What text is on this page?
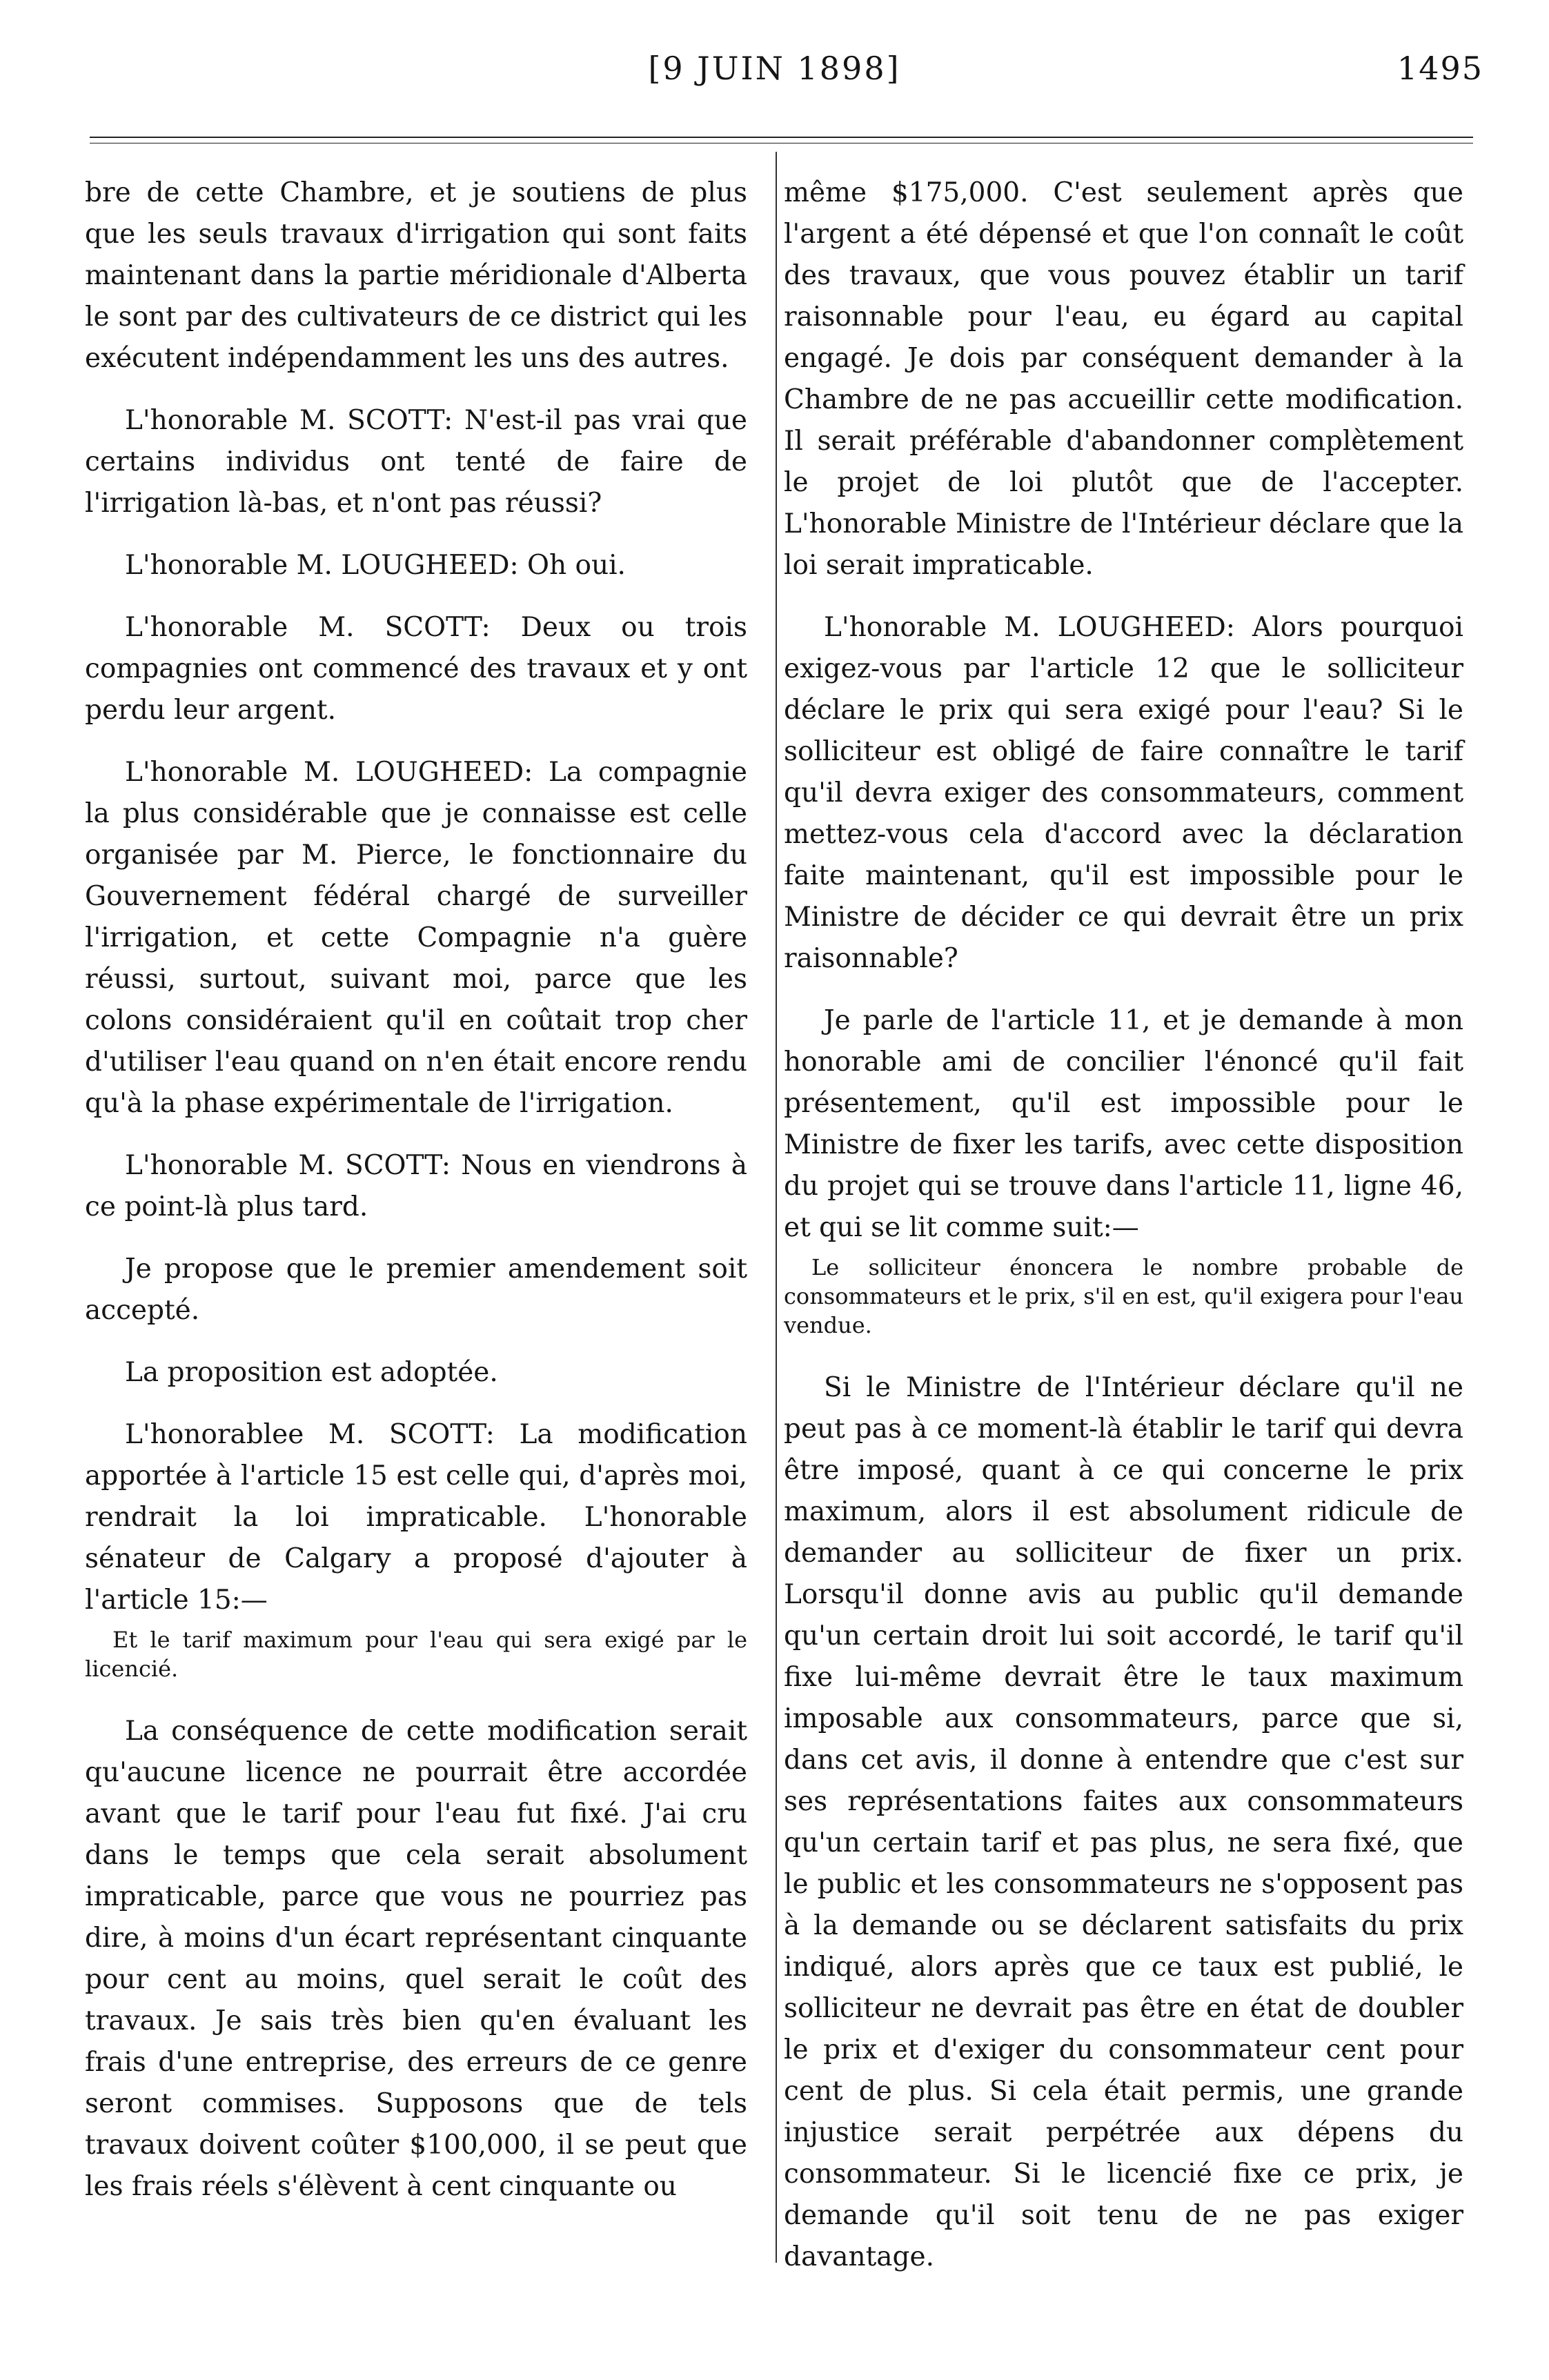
[9 JUIN 1898]	1495

bre de cette Chambre, et je soutiens de plus que les seuls travaux d'irrigation qui sont faits maintenant dans la partie méridionale d'Alberta le sont par des cultivateurs de ce district qui les exécutent indépendamment les uns des autres.

L'honorable M. SCOTT: N'est-il pas vrai que certains individus ont tenté de faire de l'irrigation là-bas, et n'ont pas réussi?

L'honorable M. LOUGHEED: Oh oui.

L'honorable M. SCOTT: Deux ou trois compagnies ont commencé des travaux et y ont perdu leur argent.

L'honorable M. LOUGHEED: La compagnie la plus considérable que je connaisse est celle organisée par M. Pierce, le fonctionnaire du Gouvernement fédéral chargé de surveiller l'irrigation, et cette Compagnie n'a guère réussi, surtout, suivant moi, parce que les colons considéraient qu'il en coûtait trop cher d'utiliser l'eau quand on n'en était encore rendu qu'à la phase expérimentale de l'irrigation.

L'honorable M. SCOTT: Nous en viendrons à ce point-là plus tard.

Je propose que le premier amendement soit accepté.

La proposition est adoptée.

L'honorablee M. SCOTT: La modification apportée à l'article 15 est celle qui, d'après moi, rendrait la loi impraticable. L'honorable sénateur de Calgary a proposé d'ajouter à l'article 15:—

Et le tarif maximum pour l'eau qui sera exigé par le licencié.

La conséquence de cette modification serait qu'aucune licence ne pourrait être accordée avant que le tarif pour l'eau fut fixé. J'ai cru dans le temps que cela serait absolument impraticable, parce que vous ne pourriez pas dire, à moins d'un écart représentant cinquante pour cent au moins, quel serait le coût des travaux. Je sais très bien qu'en évaluant les frais d'une entreprise, des erreurs de ce genre seront commises. Supposons que de tels travaux doivent coûter $100,000, il se peut que les frais réels s'élèvent à cent cinquante ou

même $175,000. C'est seulement après que l'argent a été dépensé et que l'on connaît le coût des travaux, que vous pouvez établir un tarif raisonnable pour l'eau, eu égard au capital engagé. Je dois par conséquent demander à la Chambre de ne pas accueillir cette modification. Il serait préférable d'abandonner complètement le projet de loi plutôt que de l'accepter. L'honorable Ministre de l'Intérieur déclare que la loi serait impraticable.

L'honorable M. LOUGHEED: Alors pourquoi exigez-vous par l'article 12 que le solliciteur déclare le prix qui sera exigé pour l'eau? Si le solliciteur est obligé de faire connaître le tarif qu'il devra exiger des consommateurs, comment mettez-vous cela d'accord avec la déclaration faite maintenant, qu'il est impossible pour le Ministre de décider ce qui devrait être un prix raisonnable?

Je parle de l'article 11, et je demande à mon honorable ami de concilier l'énoncé qu'il fait présentement, qu'il est impossible pour le Ministre de fixer les tarifs, avec cette disposition du projet qui se trouve dans l'article 11, ligne 46, et qui se lit comme suit:—

Le solliciteur énoncera le nombre probable de consommateurs et le prix, s'il en est, qu'il exigera pour l'eau vendue.

Si le Ministre de l'Intérieur déclare qu'il ne peut pas à ce moment-là établir le tarif qui devra être imposé, quant à ce qui concerne le prix maximum, alors il est absolument ridicule de demander au solliciteur de fixer un prix. Lorsqu'il donne avis au public qu'il demande qu'un certain droit lui soit accordé, le tarif qu'il fixe lui-même devrait être le taux maximum imposable aux consommateurs, parce que si, dans cet avis, il donne à entendre que c'est sur ses représentations faites aux consommateurs qu'un certain tarif et pas plus, ne sera fixé, que le public et les consommateurs ne s'opposent pas à la demande ou se déclarent satisfaits du prix indiqué, alors après que ce taux est publié, le solliciteur ne devrait pas être en état de doubler le prix et d'exiger du consommateur cent pour cent de plus. Si cela était permis, une grande injustice serait perpétrée aux dépens du consommateur. Si le licencié fixe ce prix, je demande qu'il soit tenu de ne pas exiger davantage.
